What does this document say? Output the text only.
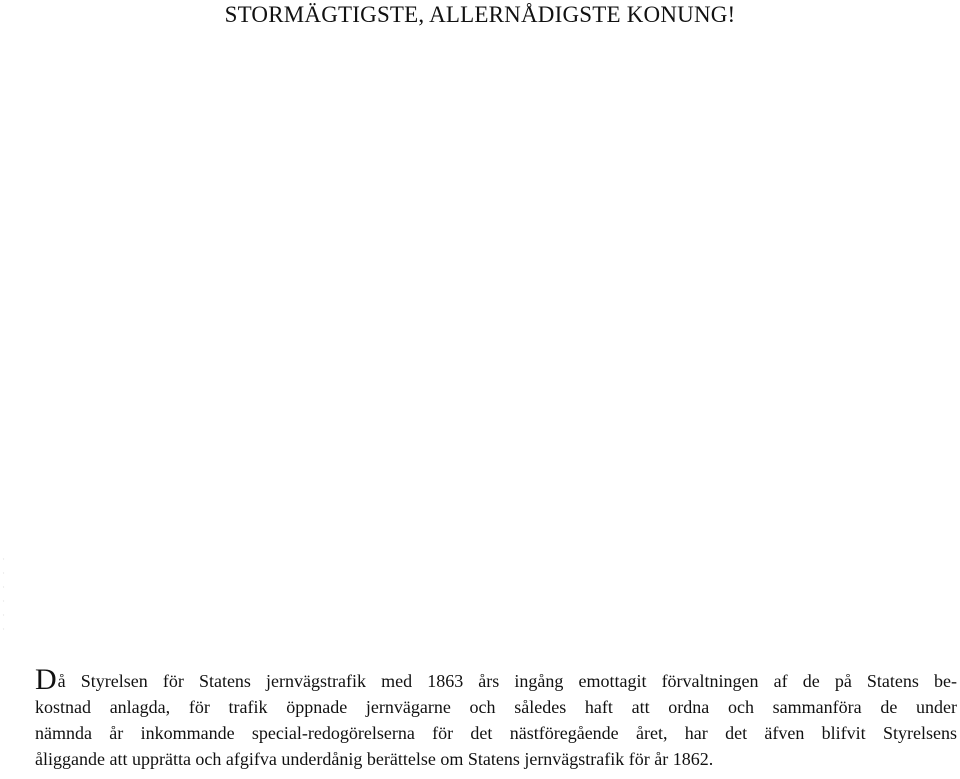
STORMÄGTIGSTE, ALLERNÅDIGSTE KONUNG!
Då Styrelsen för Statens jernvägstrafik med 1863 års ingång emottagit förvaltningen af de på Statens be-
kostnad anlagda, för trafik öppnade jernvägarne och således haft att ordna och sammanföra de under
nämnda år inkommande special-redogörelserna för det nästföregående året, har det äfven blifvit Styrelsens
åliggande att upprätta och afgifva underdånig berättelse om Statens jernvägstrafik för år 1862.
